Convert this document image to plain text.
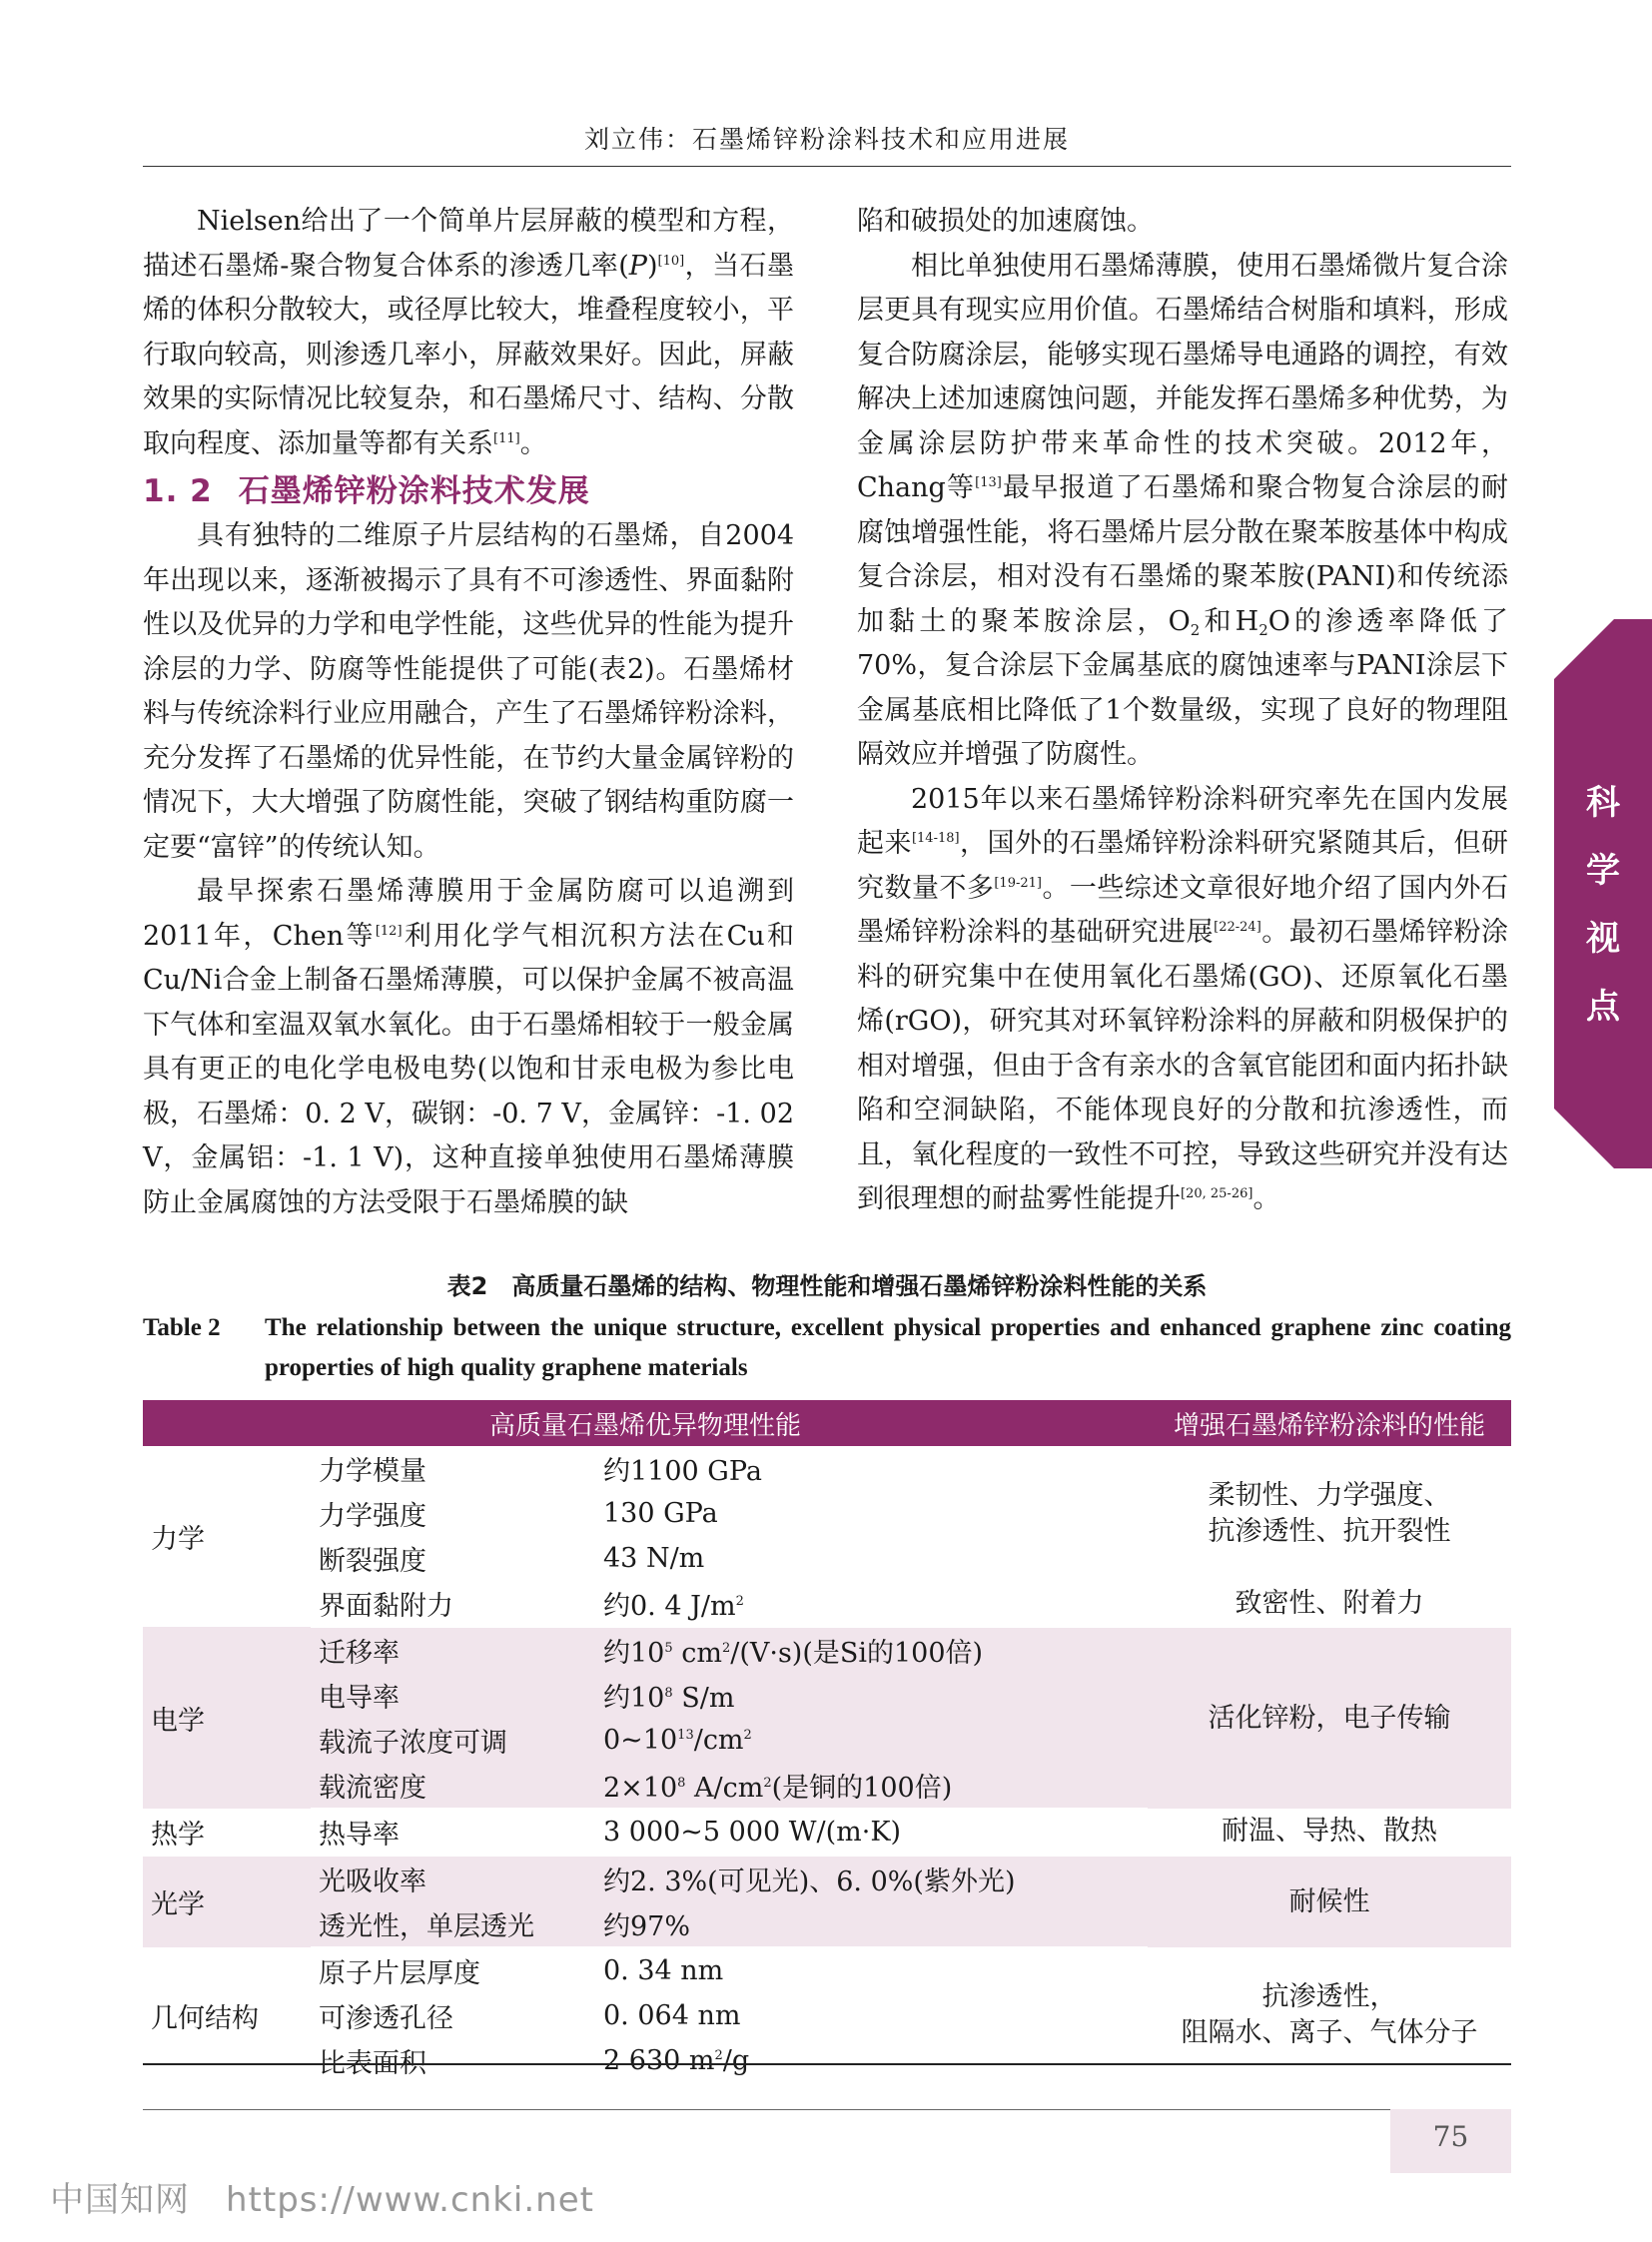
刘立伟：石墨烯锌粉涂料技术和应用进展

Nielsen给出了一个简单片层屏蔽的模型和方程，描述石墨烯-聚合物复合体系的渗透几率(P)[10]，当石墨烯的体积分散较大，或径厚比较大，堆叠程度较小，平行取向较高，则渗透几率小，屏蔽效果好。因此，屏蔽效果的实际情况比较复杂，和石墨烯尺寸、结构、分散取向程度、添加量等都有关系[11]。

1. 2 石墨烯锌粉涂料技术发展

具有独特的二维原子片层结构的石墨烯，自2004年出现以来，逐渐被揭示了具有不可渗透性、界面黏附性以及优异的力学和电学性能，这些优异的性能为提升涂层的力学、防腐等性能提供了可能(表2)。石墨烯材料与传统涂料行业应用融合，产生了石墨烯锌粉涂料，充分发挥了石墨烯的优异性能，在节约大量金属锌粉的情况下，大大增强了防腐性能，突破了钢结构重防腐一定要“富锌”的传统认知。

最早探索石墨烯薄膜用于金属防腐可以追溯到2011年，Chen等[12]利用化学气相沉积方法在Cu和Cu/Ni合金上制备石墨烯薄膜，可以保护金属不被高温下气体和室温双氧水氧化。由于石墨烯相较于一般金属具有更正的电化学电极电势(以饱和甘汞电极为参比电极，石墨烯：0. 2 V，碳钢：-0. 7 V，金属锌：-1. 02 V，金属铝：-1. 1 V)，这种直接单独使用石墨烯薄膜防止金属腐蚀的方法受限于石墨烯膜的缺

陷和破损处的加速腐蚀。

相比单独使用石墨烯薄膜，使用石墨烯微片复合涂层更具有现实应用价值。石墨烯结合树脂和填料，形成复合防腐涂层，能够实现石墨烯导电通路的调控，有效解决上述加速腐蚀问题，并能发挥石墨烯多种优势，为金属涂层防护带来革命性的技术突破。2012年，Chang等[13]最早报道了石墨烯和聚合物复合涂层的耐腐蚀增强性能，将石墨烯片层分散在聚苯胺基体中构成复合涂层，相对没有石墨烯的聚苯胺(PANI)和传统添加黏土的聚苯胺涂层，$O_2$和$H_2O$的渗透率降低了70%，复合涂层下金属基底的腐蚀速率与PANI涂层下金属基底相比降低了1个数量级，实现了良好的物理阻隔效应并增强了防腐性。

2015年以来石墨烯锌粉涂料研究率先在国内发展起来[14-18]，国外的石墨烯锌粉涂料研究紧随其后，但研究数量不多[19-21]。一些综述文章很好地介绍了国内外石墨烯锌粉涂料的基础研究进展[22-24]。最初石墨烯锌粉涂料的研究集中在使用氧化石墨烯(GO)、还原氧化石墨烯(rGO)，研究其对环氧锌粉涂料的屏蔽和阴极保护的相对增强，但由于含有亲水的含氧官能团和面内拓扑缺陷和空洞缺陷，不能体现良好的分散和抗渗透性，而且，氧化程度的一致性不可控，导致这些研究并没有达到很理想的耐盐雾性能提升[20, 25-26]。

科
学
视
点
表2　高质量石墨烯的结构、物理性能和增强石墨烯锌粉涂料性能的关系
Table 2 The relationship between the unique structure, excellent physical properties and enhanced graphene zinc coating properties of high quality graphene materials
高质量石墨烯优异物理性能			增强石墨烯锌粉涂料的性能
力学	力学模量	约1100 GPa	柔韧性、力学强度、
抗渗透性、抗开裂性

	力学强度	130 GPa	
	断裂强度	43 N/m	
	界面黏附力	约0. 4 $J/m^2$	致密性、附着力
电学	迁移率	约$10^5$ $cm^2/(V\cdot s)$(是Si的100倍)	活化锌粉，电子传输
	电导率	约$10^8$ S/m	
	载流子浓度可调	$0\sim 10^{13}/cm^2$
	载流密度	$2\times 10^8$ $A/cm^2$(是铜的100倍)	
热学	热导率	3 000~5 000 W/(m·K)	耐温、导热、散热
光学	光吸收率	约2. 3%(可见光)、6. 0%(紫外光)	耐候性
	透光性，单层透光	约97%	
几何结构	原子片层厚度	0. 34 nm	抗渗透性，
阻隔水、离子、气体分子

	可渗透孔径	0. 064 nm	
	比表面积	2 630 $m^2/g$	
75
中国知网 https://www.cnki.net
